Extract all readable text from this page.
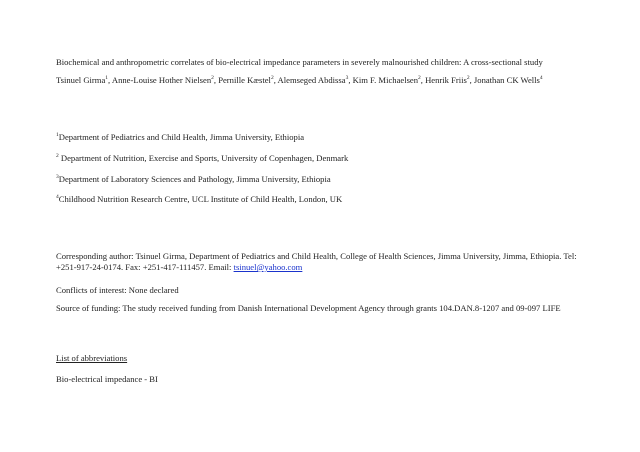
Biochemical and anthropometric correlates of bio-electrical impedance parameters in severely malnourished children: A cross-sectional study
Tsinuel Girma$^1$, Anne-Louise Hother Nielsen$^2$, Pernille Kæstel$^2$, Alemseged Abdissa$^3$, Kim F. Michaelsen$^2$, Henrik Friis$^2$, Jonathan CK Wells$^4$
$^1$Department of Pediatrics and Child Health, Jimma University, Ethiopia
$^2$ Department of Nutrition, Exercise and Sports, University of Copenhagen, Denmark
$^3$Department of Laboratory Sciences and Pathology, Jimma University, Ethiopia
$^4$Childhood Nutrition Research Centre, UCL Institute of Child Health, London, UK
Corresponding author: Tsinuel Girma, Department of Pediatrics and Child Health, College of Health Sciences, Jimma University, Jimma, Ethiopia. Tel: +251-917-24-0174. Fax: +251-417-111457. Email: tsinuel@yahoo.com
Conflicts of interest: None declared
Source of funding: The study received funding from Danish International Development Agency through grants 104.DAN.8-1207 and 09-097 LIFE
List of abbreviations
Bio-electrical impedance - BI
